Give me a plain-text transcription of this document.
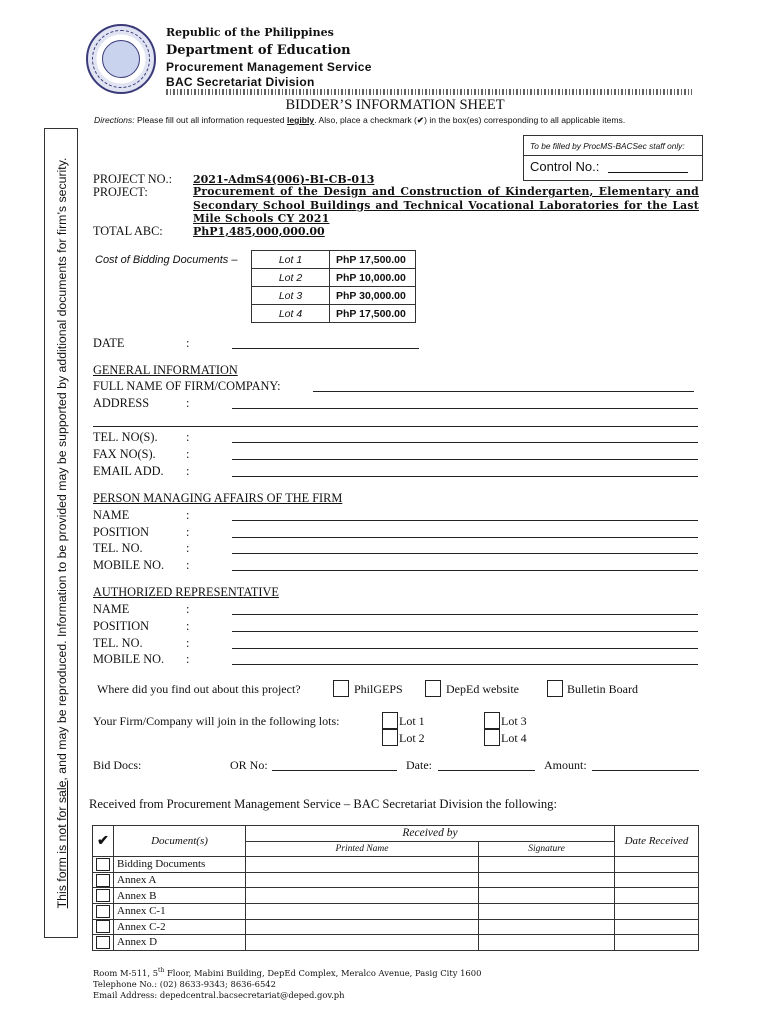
This form is not for sale, and may be reproduced. Information to be provided may be supported by additional documents for firm’s security.
Republic of the Philippines
Department of Education
Procurement Management Service
BAC Secretariat Division
BIDDER’S INFORMATION SHEET
Directions: Please fill out all information requested legibly. Also, place a checkmark (✔) in the box(es) corresponding to all applicable items.
To be filled by ProcMS-BACSec staff only:
Control No.:
PROJECT NO.: 2021-AdmS4(006)-BI-CB-013
PROJECT:	Procurement of the Design and Construction of Kindergarten, Elementary and Secondary School Buildings and Technical Vocational Laboratories for the Last Mile Schools CY 2021
TOTAL ABC:	PhP1,485,000,000.00
Cost of Bidding Documents –	Lot 1	PhP 17,500.00
Lot 2	PhP 10,000.00
Lot 3	PhP 30,000.00
Lot 4	PhP 17,500.00
DATE	:
GENERAL INFORMATION
FULL NAME OF FIRM/COMPANY:
ADDRESS	:
TEL. NO(S). :
FAX NO(S). :
EMAIL ADD. :
PERSON MANAGING AFFAIRS OF THE FIRM
NAME	:
POSITION	:
TEL. NO.	:
MOBILE NO. :
AUTHORIZED REPRESENTATIVE
NAME	:
POSITION	:
TEL. NO.	:
MOBILE NO. :
Where did you find out about this project?	PhilGEPS	DepEd website	Bulletin Board
Your Firm/Company will join in the following lots:	Lot 1
Lot 2
Lot 3
Lot 4
Bid Docs:	OR No:	Date:	Amount:
Received from Procurement Management Service – BAC Secretariat Division the following:
✔	Document(s)	Received by		Date Received
		Printed Name	Signature	
	Bidding Documents			
	Annex A			
	Annex B			
	Annex C-1			
	Annex C-2			
	Annex D			
Room M-511, 5th Floor, Mabini Building, DepEd Complex, Meralco Avenue, Pasig City 1600
Telephone No.: (02) 8633-9343; 8636-6542
Email Address: depedcentral.bacsecretariat@deped.gov.ph
